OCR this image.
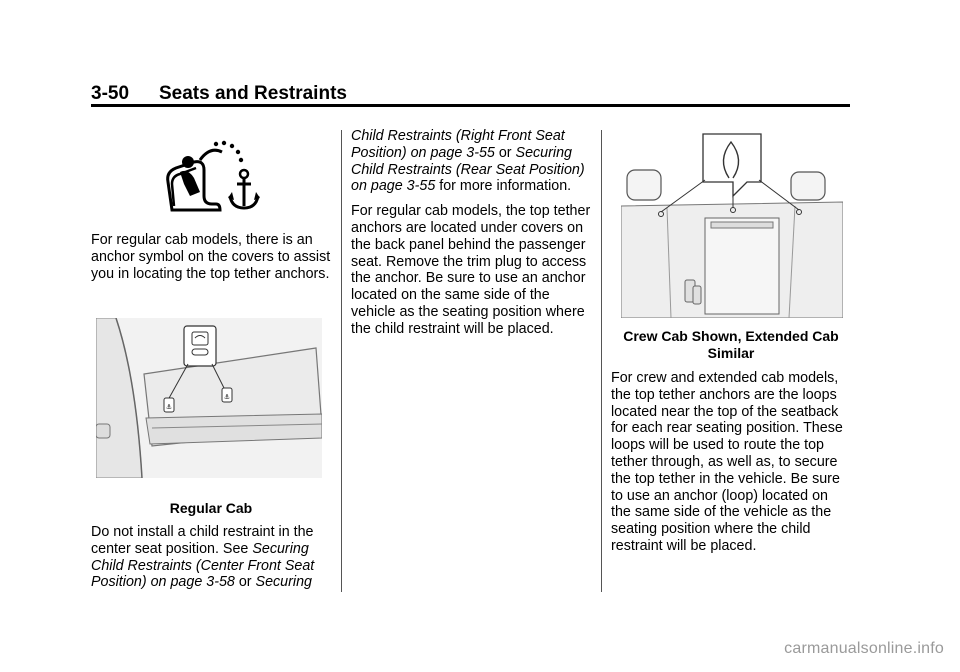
3-50 Seats and Restraints

For regular cab models, there is an anchor symbol on the covers to assist you in locating the top tether anchors.

⚓
⚓

Regular Cab

Do not install a child restraint in the center seat position. See Securing Child Restraints (Center Front Seat Position) on page 3-58 or Securing

Child Restraints (Right Front Seat Position) on page 3-55 or Securing Child Restraints (Rear Seat Position) on page 3-55 for more information.

For regular cab models, the top tether anchors are located under covers on the back panel behind the passenger seat. Remove the trim plug to access the anchor. Be sure to use an anchor located on the same side of the vehicle as the seating position where the child restraint will be placed.	Crew Cab Shown, Extended Cab Similar

For crew and extended cab models, the top tether anchors are the loops located near the top of the seatback for each rear seating position. These loops will be used to route the top tether through, as well as, to secure the top tether in the vehicle. Be sure to use an anchor (loop) located on the same side of the vehicle as the seating position where the child restraint will be placed.

carmanualsonline.info
